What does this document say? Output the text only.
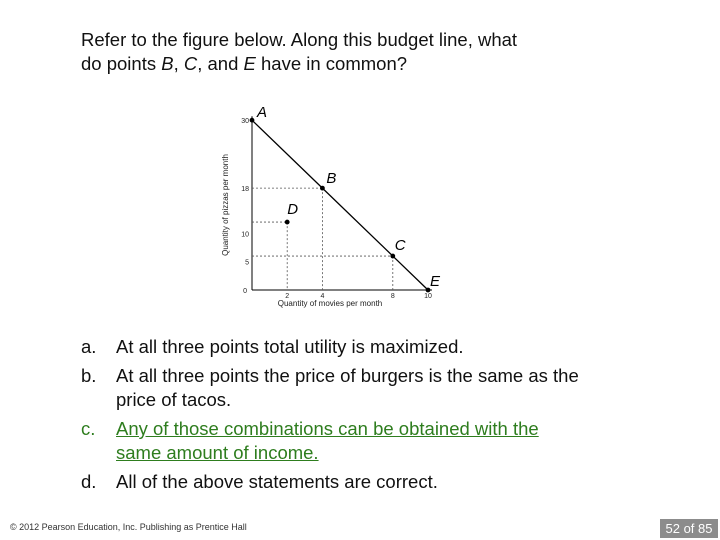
Refer to the figure below. Along this budget line, what
do points B, C, and E have in common?
A
B
C
E
D
30
18
10
5
0
2	4	8	10
Quantity of movies per month
Quantity of pizzas per month
a.	At all three points total utility is maximized.
b.	At all three points the price of burgers is the same as the price of tacos.
c.	Any of those combinations can be obtained with the same amount of income.
d.	All of the above statements are correct.
© 2012 Pearson Education, Inc. Publishing as Prentice Hall	52 of 85
